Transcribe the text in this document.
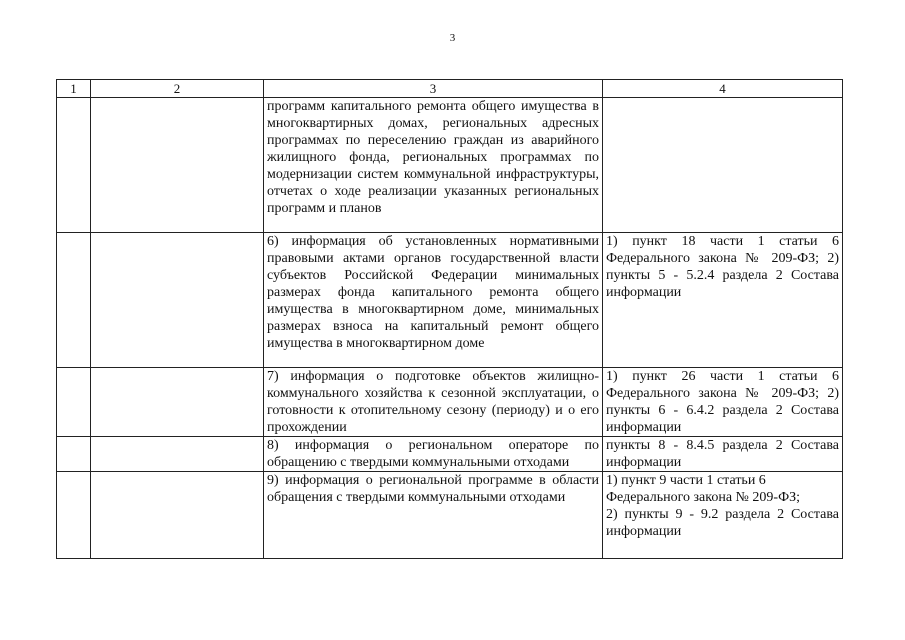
3
1	2	3	4

		программ капитального ремонта общего имущества в многоквартирных домах, региональных адресных программах по переселению граждан из аварийного жилищного фонда, региональных программах по модернизации систем коммунальной инфраструктуры, отчетах о ходе реализации указанных региональных программ и планов	

		6) информация об установленных нормативными правовыми актами органов государственной власти субъектов Российской Федерации минимальных размерах фонда капитального ремонта общего имущества в многоквартирном доме, минимальных размерах взноса на капитальный ремонт общего имущества в многоквартирном доме	1) пункт 18 части 1 статьи 6 Федерального закона № 209-ФЗ; 2) пункты 5 - 5.2.4 раздела 2 Состава информации

		7) информация о подготовке объектов жилищно-коммунального хозяйства к сезонной эксплуатации, о готовности к отопительному сезону (периоду) и о его прохождении	1) пункт 26 части 1 статьи 6 Федерального закона № 209-ФЗ; 2) пункты 6 - 6.4.2 раздела 2 Состава информации

		8) информация о региональном операторе по обращению с твердыми коммунальными отходами	пункты 8 - 8.4.5 раздела 2 Состава информации

		9) информация о региональной программе в области обращения с твердыми коммунальными отходами	1) пункт 9 части 1 статьи 6
Федерального закона № 209-ФЗ;
2) пункты 9 - 9.2 раздела 2 Состава информации
